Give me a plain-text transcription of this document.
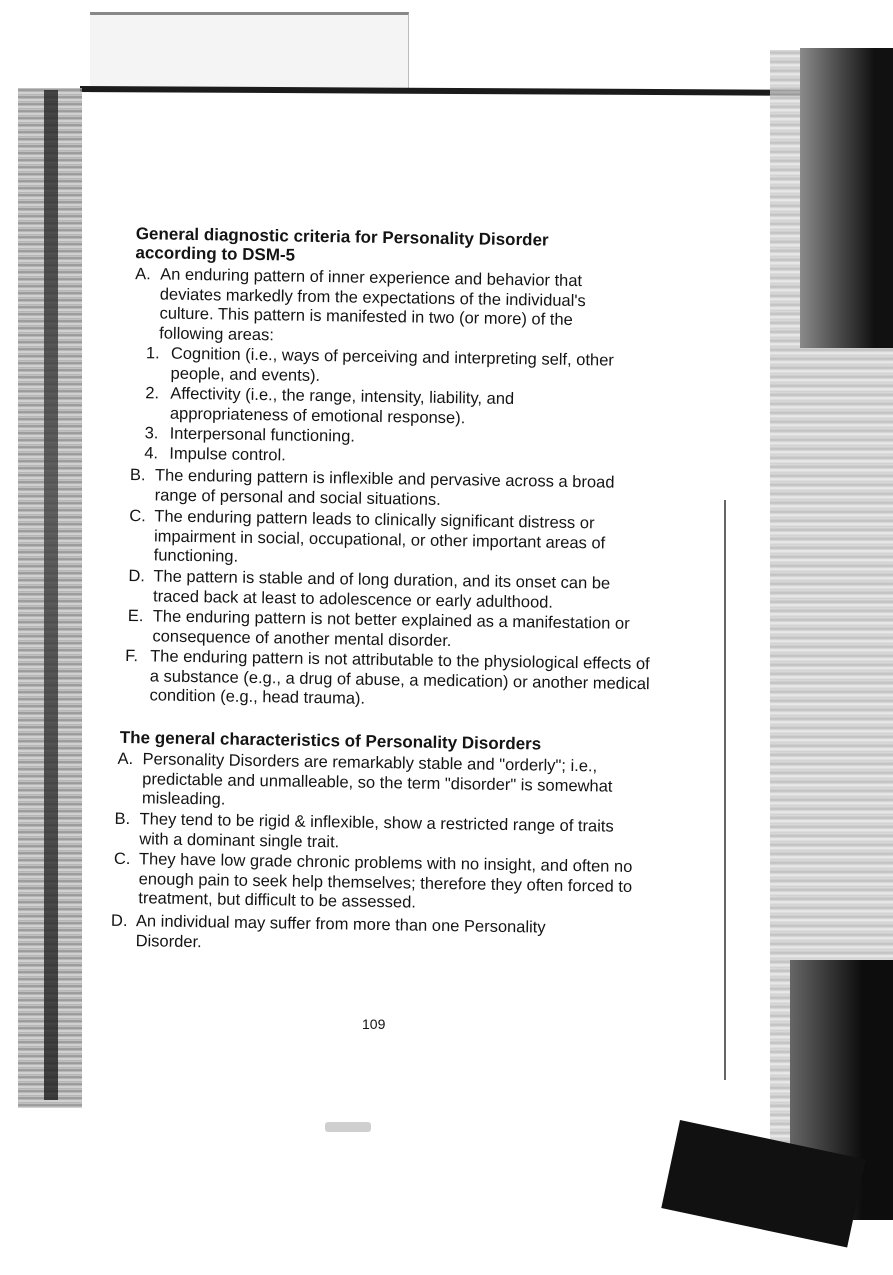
General diagnostic criteria for Personality Disorder
according to DSM-5

A. An enduring pattern of inner experience and behavior that deviates markedly from the expectations of the individual's culture. This pattern is manifested in two (or more) of the following areas:

1. Cognition (i.e., ways of perceiving and interpreting self, other people, and events).

2. Affectivity (i.e., the range, intensity, liability, and appropriateness of emotional response).

3. Interpersonal functioning.

4. Impulse control.

B. The enduring pattern is inflexible and pervasive across a broad range of personal and social situations.

C. The enduring pattern leads to clinically significant distress or impairment in social, occupational, or other important areas of functioning.

D. The pattern is stable and of long duration, and its onset can be traced back at least to adolescence or early adulthood.

E. The enduring pattern is not better explained as a manifestation or consequence of another mental disorder.

F. The enduring pattern is not attributable to the physiological effects of a substance (e.g., a drug of abuse, a medication) or another medical condition (e.g., head trauma).

The general characteristics of Personality Disorders

A. Personality Disorders are remarkably stable and "orderly"; i.e., predictable and unmalleable, so the term "disorder" is somewhat misleading.

B. They tend to be rigid & inflexible, show a restricted range of traits with a dominant single trait.

C. They have low grade chronic problems with no insight, and often no enough pain to seek help themselves; therefore they often forced to treatment, but difficult to be assessed.

D. An individual may suffer from more than one Personality Disorder.

109
